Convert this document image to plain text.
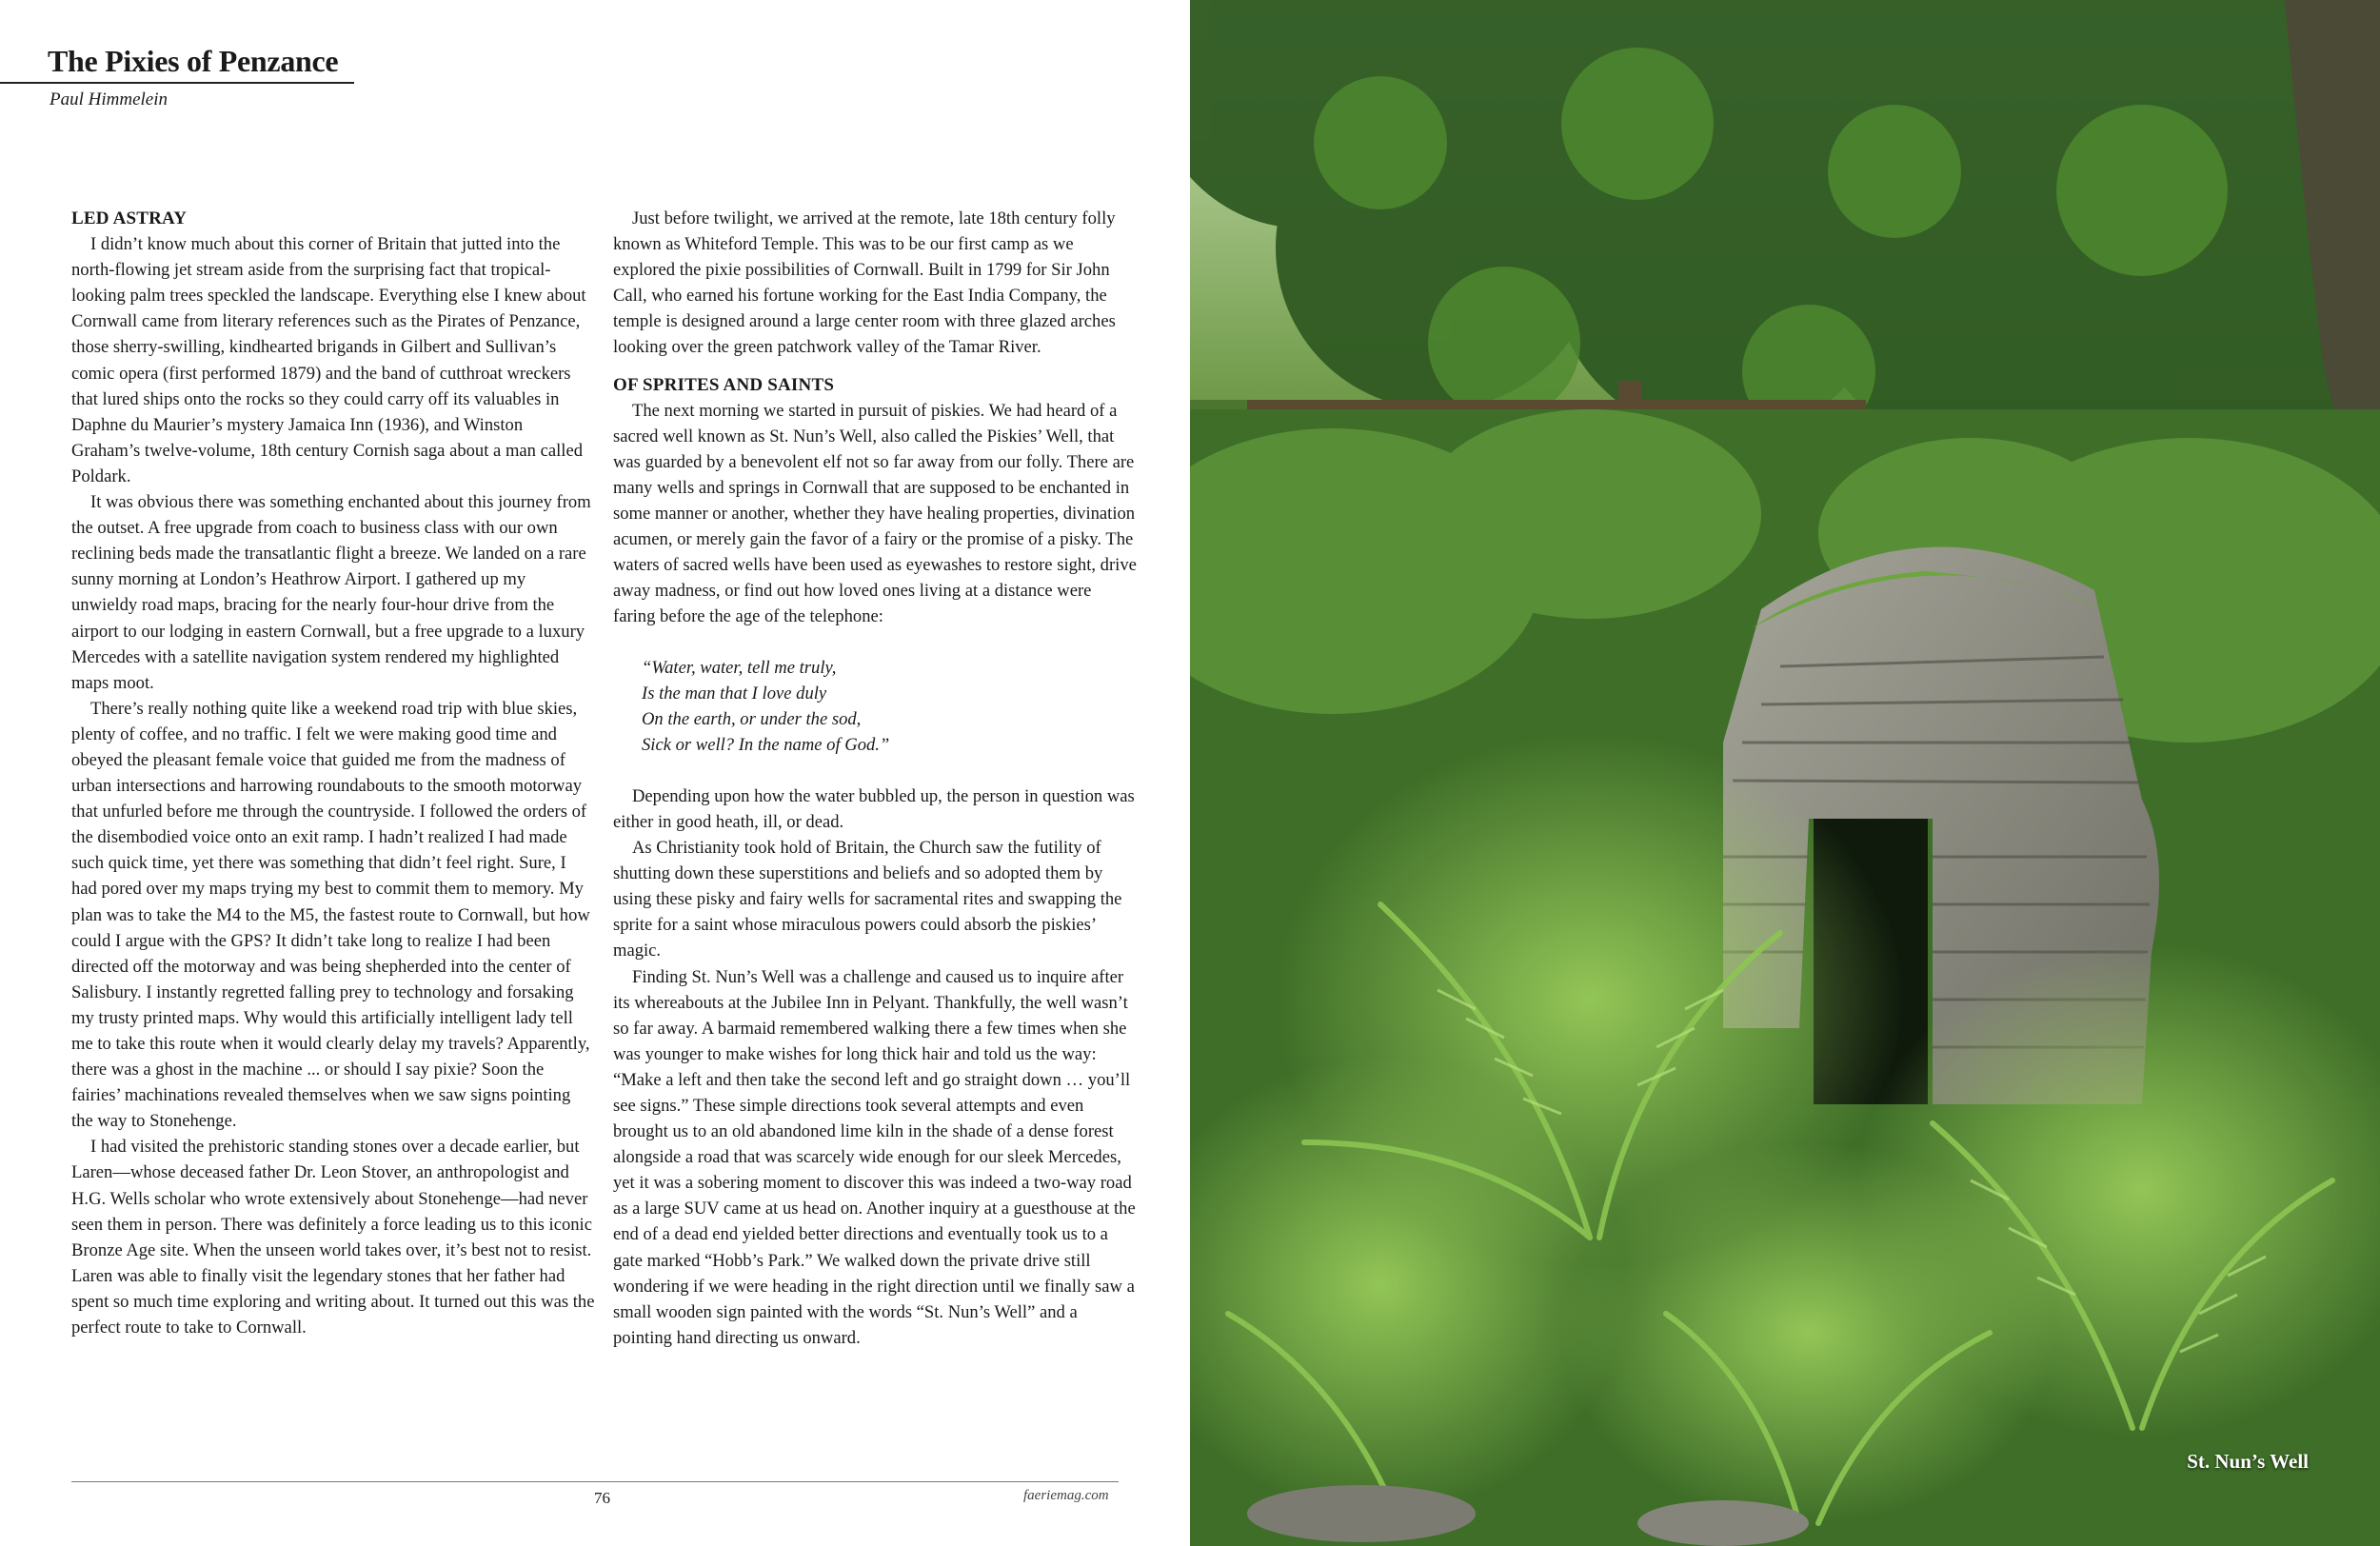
The Pixies of Penzance
Paul Himmelein
LED ASTRAY

I didn’t know much about this corner of Britain that jutted into the north-flowing jet stream aside from the surprising fact that tropical-looking palm trees speckled the landscape. Everything else I knew about Cornwall came from literary references such as the Pirates of Penzance, those sherry-swilling, kindhearted brigands in Gilbert and Sullivan’s comic opera (first performed 1879) and the band of cutthroat wreckers that lured ships onto the rocks so they could carry off its valuables in Daphne du Maurier’s mystery Jamaica Inn (1936), and Winston Graham’s twelve-volume, 18th century Cornish saga about a man called Poldark.

It was obvious there was something enchanted about this journey from the outset. A free upgrade from coach to business class with our own reclining beds made the transatlantic flight a breeze. We landed on a rare sunny morning at London’s Heathrow Airport. I gathered up my unwieldy road maps, bracing for the nearly four-hour drive from the airport to our lodging in eastern Cornwall, but a free upgrade to a luxury Mercedes with a satellite navigation system rendered my highlighted maps moot.

There’s really nothing quite like a weekend road trip with blue skies, plenty of coffee, and no traffic. I felt we were making good time and obeyed the pleasant female voice that guided me from the madness of urban intersections and harrowing roundabouts to the smooth motorway that unfurled before me through the countryside. I followed the orders of the disembodied voice onto an exit ramp. I hadn’t realized I had made such quick time, yet there was something that didn’t feel right. Sure, I had pored over my maps trying my best to commit them to memory. My plan was to take the M4 to the M5, the fastest route to Cornwall, but how could I argue with the GPS? It didn’t take long to realize I had been directed off the motorway and was being shepherded into the center of Salisbury. I instantly regretted falling prey to technology and forsaking my trusty printed maps. Why would this artificially intelligent lady tell me to take this route when it would clearly delay my travels? Apparently, there was a ghost in the machine ... or should I say pixie? Soon the fairies’ machinations revealed themselves when we saw signs pointing the way to Stonehenge.

I had visited the prehistoric standing stones over a decade earlier, but Laren—whose deceased father Dr. Leon Stover, an anthropologist and H.G. Wells scholar who wrote extensively about Stonehenge—had never seen them in person. There was definitely a force leading us to this iconic Bronze Age site. When the unseen world takes over, it’s best not to resist. Laren was able to finally visit the legendary stones that her father had spent so much time exploring and writing about. It turned out this was the perfect route to take to Cornwall.

Just before twilight, we arrived at the remote, late 18th century folly known as Whiteford Temple. This was to be our first camp as we explored the pixie possibilities of Cornwall. Built in 1799 for Sir John Call, who earned his fortune working for the East India Company, the temple is designed around a large center room with three glazed arches looking over the green patchwork valley of the Tamar River.

OF SPRITES AND SAINTS

The next morning we started in pursuit of piskies. We had heard of a sacred well known as St. Nun’s Well, also called the Piskies’ Well, that was guarded by a benevolent elf not so far away from our folly. There are many wells and springs in Cornwall that are supposed to be enchanted in some manner or another, whether they have healing properties, divination acumen, or merely gain the favor of a fairy or the promise of a pisky. The waters of sacred wells have been used as eyewashes to restore sight, drive away madness, or find out how loved ones living at a distance were faring before the age of the telephone:

“Water, water, tell me truly,
Is the man that I love duly
On the earth, or under the sod,
Sick or well? In the name of God.”

Depending upon how the water bubbled up, the person in question was either in good heath, ill, or dead.

As Christianity took hold of Britain, the Church saw the futility of shutting down these superstitions and beliefs and so adopted them by using these pisky and fairy wells for sacramental rites and swapping the sprite for a saint whose miraculous powers could absorb the piskies’ magic.

Finding St. Nun’s Well was a challenge and caused us to inquire after its whereabouts at the Jubilee Inn in Pelyant. Thankfully, the well wasn’t so far away. A barmaid remembered walking there a few times when she was younger to make wishes for long thick hair and told us the way: “Make a left and then take the second left and go straight down … you’ll see signs.” These simple directions took several attempts and even brought us to an old abandoned lime kiln in the shade of a dense forest alongside a road that was scarcely wide enough for our sleek Mercedes, yet it was a sobering moment to discover this was indeed a two-way road as a large SUV came at us head on. Another inquiry at a guesthouse at the end of a dead end yielded better directions and eventually took us to a gate marked “Hobb’s Park.” We walked down the private drive still wondering if we were heading in the right direction until we finally saw a small wooden sign painted with the words “St. Nun’s Well” and a pointing hand directing us onward.

76	faeriemag.com
St. Nun’s Well
